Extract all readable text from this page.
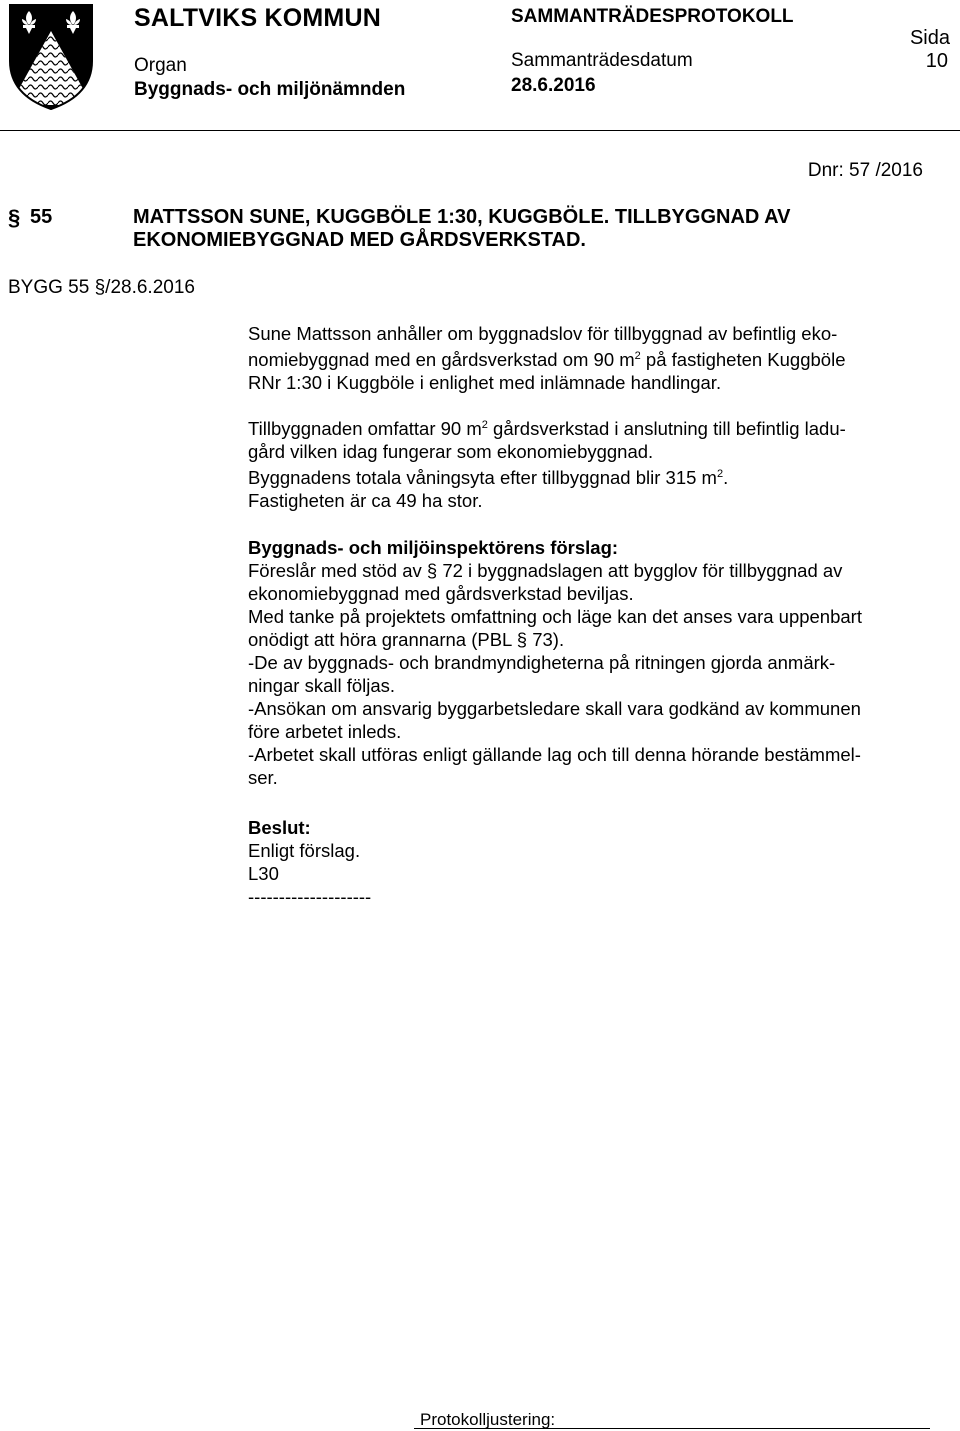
SALTVIKS KOMMUN
Organ
Byggnads- och miljönämnden
SAMMANTRÄDESPROTOKOLL
Sammanträdesdatum
28.6.2016
Sida
10
Dnr: 57 /2016
§ 55	MATTSSON SUNE, KUGGBÖLE 1:30, KUGGBÖLE. TILLBYGGNAD AV EKONOMIEBYGGNAD MED GÅRDSVERKSTAD.
BYGG 55 §/28.6.2016
Sune Mattsson anhåller om byggnadslov för tillbyggnad av befintlig eko-
nomiebyggnad med en gårdsverkstad om 90 $m^2$ på fastigheten Kuggböle
RNr 1:30 i Kuggböle i enlighet med inlämnade handlingar.
Tillbyggnaden omfattar 90 $m^2$ gårdsverkstad i anslutning till befintlig ladu-
gård vilken idag fungerar som ekonomiebyggnad.
Byggnadens totala våningsyta efter tillbyggnad blir 315 $m^2$.
Fastigheten är ca 49 ha stor.
Byggnads- och miljöinspektörens förslag:
Föreslår med stöd av § 72 i byggnadslagen att bygglov för tillbyggnad av
ekonomiebyggnad med gårdsverkstad beviljas.
Med tanke på projektets omfattning och läge kan det anses vara uppenbart
onödigt att höra grannarna (PBL § 73).
-De av byggnads- och brandmyndigheterna på ritningen gjorda anmärk-
ningar skall följas.
-Ansökan om ansvarig byggarbetsledare skall vara godkänd av kommunen
före arbetet inleds.
-Arbetet skall utföras enligt gällande lag och till denna hörande bestämmel-
ser.
Beslut:
Enligt förslag.
L30
--------------------
Protokolljustering:
